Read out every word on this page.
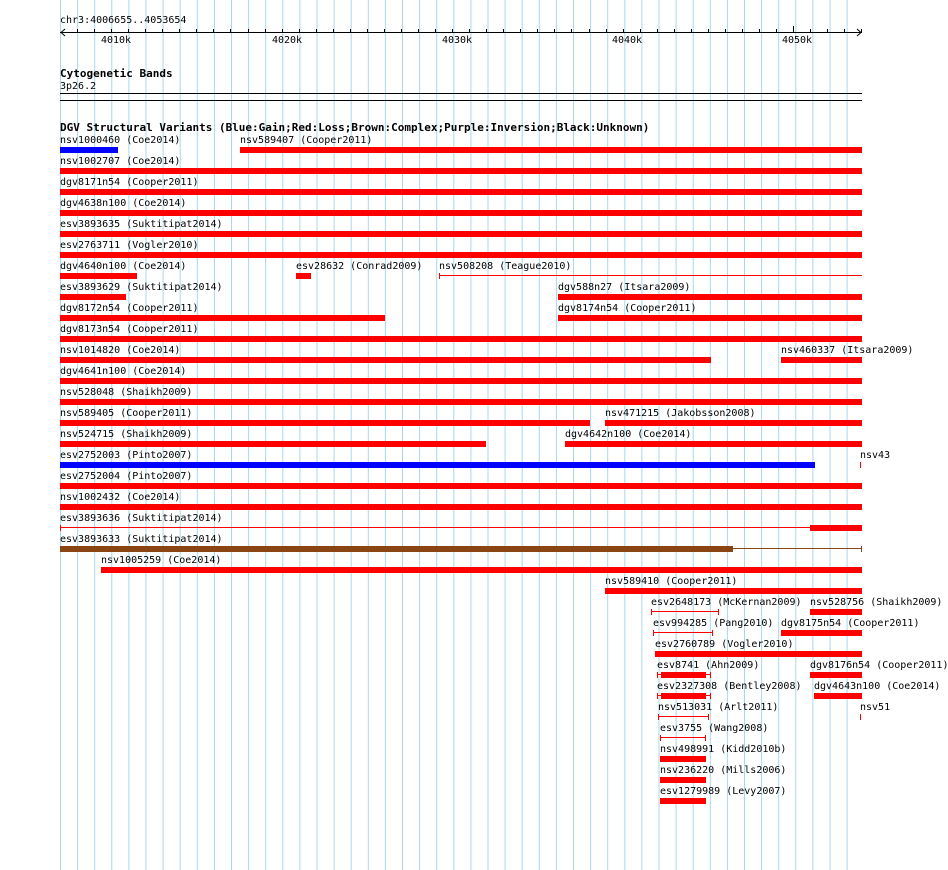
chr3:4006655..4053654
4010k	4020k	4030k	4040k	4050k
Cytogenetic Bands
3p26.2
DGV Structural Variants (Blue:Gain;Red:Loss;Brown:Complex;Purple:Inversion;Black:Unknown)
nsv1000460 (Coe2014)	nsv589407 (Cooper2011)
nsv1002707 (Coe2014)
dgv8171n54 (Cooper2011)
dgv4638n100 (Coe2014)
esv3893635 (Suktitipat2014)
esv2763711 (Vogler2010)
dgv4640n100 (Coe2014)	esv28632 (Conrad2009) nsv508208 (Teague2010)
esv3893629 (Suktitipat2014)	dgv588n27 (Itsara2009)
dgv8172n54 (Cooper2011)	dgv8174n54 (Cooper2011)
dgv8173n54 (Cooper2011)
nsv1014820 (Coe2014)	nsv460337 (Itsara2009)
dgv4641n100 (Coe2014)
nsv528048 (Shaikh2009)
nsv589405 (Cooper2011)	nsv471215 (Jakobsson2008)
nsv524715 (Shaikh2009)	dgv4642n100 (Coe2014)
esv2752003 (Pinto2007)	nsv43
esv2752004 (Pinto2007)
nsv1002432 (Coe2014)
esv3893636 (Suktitipat2014)
esv3893633 (Suktitipat2014)
nsv1005259 (Coe2014)
nsv589410 (Cooper2011)
esv2648173 (McKernan2009) nsv528756 (Shaikh2009)
esv994285 (Pang2010) dgv8175n54 (Cooper2011)
esv2760789 (Vogler2010)
esv8741 (Ahn2009)	dgv8176n54 (Cooper2011)
esv2327308 (Bentley2008) dgv4643n100 (Coe2014)
nsv513031 (Arlt2011)	nsv51
esv3755 (Wang2008)
nsv498991 (Kidd2010b)
nsv236220 (Mills2006)
esv1279989 (Levy2007)
